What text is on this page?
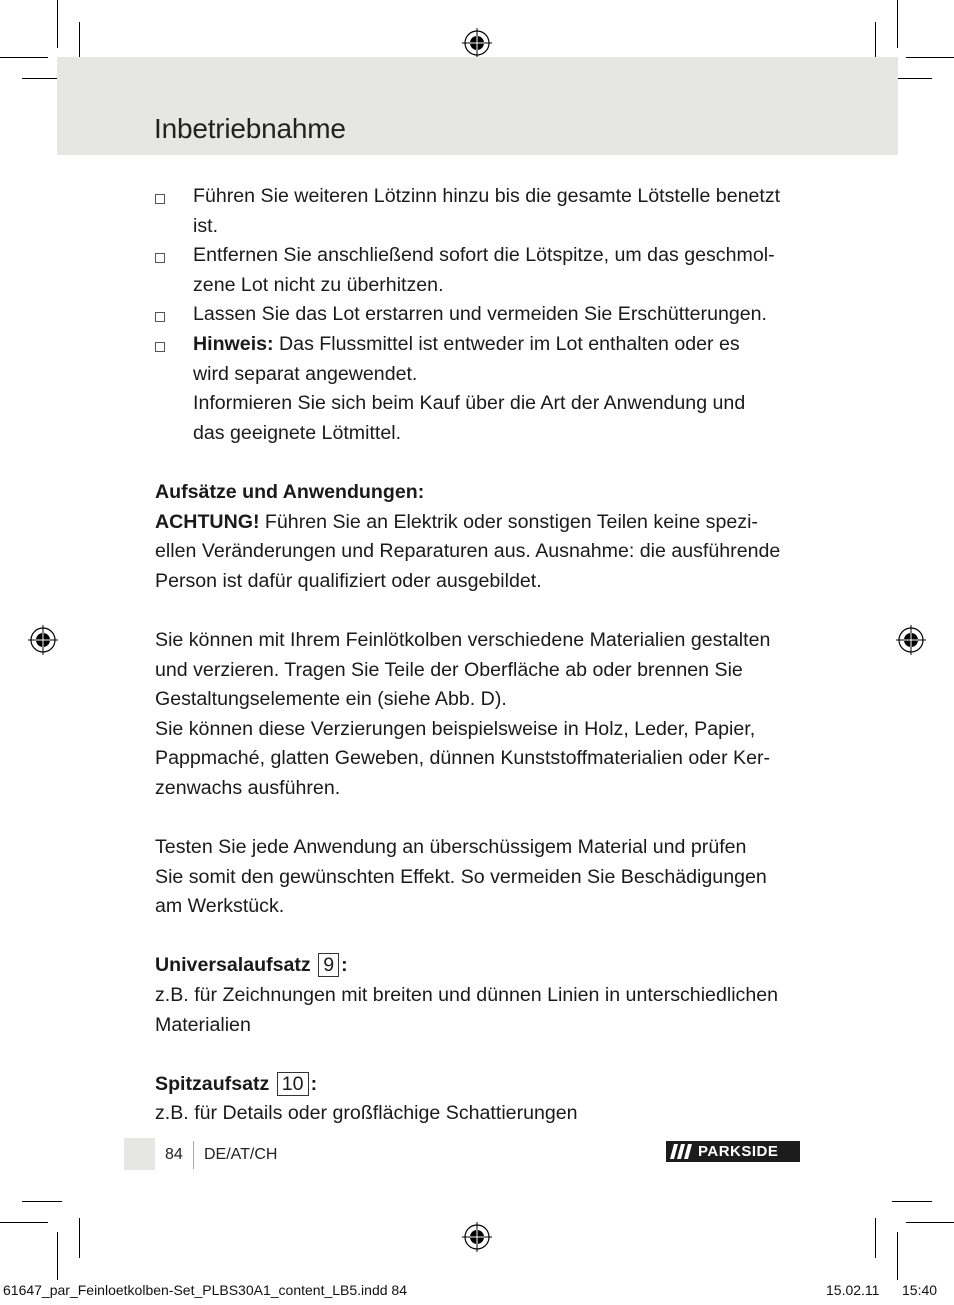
Inbetriebnahme

Führen Sie weiteren Lötzinn hinzu bis die gesamte Lötstelle benetzt ist.

Entfernen Sie anschließend sofort die Lötspitze, um das geschmol-

zene Lot nicht zu überhitzen.

Lassen Sie das Lot erstarren und vermeiden Sie Erschütterungen.

Hinweis: Das Flussmittel ist entweder im Lot enthalten oder es

wird separat angewendet.

Informieren Sie sich beim Kauf über die Art der Anwendung und

das geeignete Lötmittel.

Aufsätze und Anwendungen:

ACHTUNG! Führen Sie an Elektrik oder sonstigen Teilen keine spezi-

ellen Veränderungen und Reparaturen aus. Ausnahme: die ausführende

Person ist dafür qualifiziert oder ausgebildet.

Sie können mit Ihrem Feinlötkolben verschiedene Materialien gestalten

und verzieren. Tragen Sie Teile der Oberfläche ab oder brennen Sie

Gestaltungselemente ein (siehe Abb. D).

Sie können diese Verzierungen beispielsweise in Holz, Leder, Papier,

Pappmaché, glatten Geweben, dünnen Kunststoffmaterialien oder Ker-

zenwachs ausführen.

Testen Sie jede Anwendung an überschüssigem Material und prüfen

Sie somit den gewünschten Effekt. So vermeiden Sie Beschädigungen

am Werkstück.

Universalaufsatz 9 :

z.B. für Zeichnungen mit breiten und dünnen Linien in unterschiedlichen

Materialien

Spitzaufsatz 10 :

z.B. für Details oder großflächige Schattierungen

84 DE/AT/CH	PARKSIDE
61647_par_Feinloetkolben-Set_PLBS30A1_content_LB5.indd 84	15.02.11 15:40
